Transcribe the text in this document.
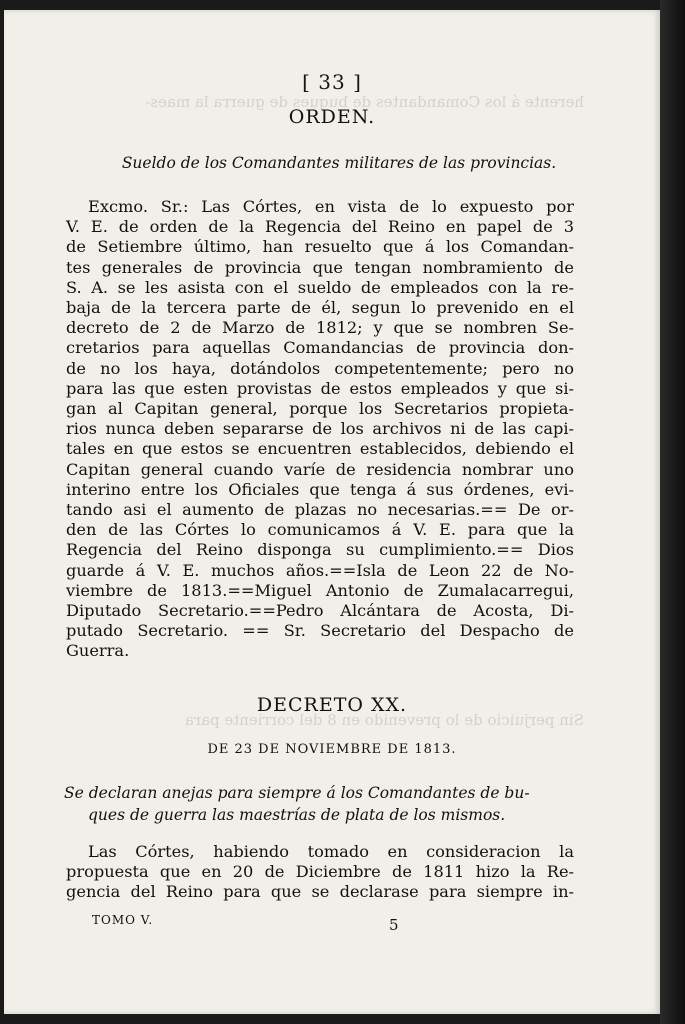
herente á los Comandantes de buques de guerra la maes-
Sin perjuicio de lo prevenido en 8 del corriente para
[ 33 ]
ORDEN.
Sueldo de los Comandantes militares de las provincias.
Excmo. Sr.: Las Córtes, en vista de lo expuesto por
V. E. de orden de la Regencia del Reino en papel de 3
de Setiembre último, han resuelto que á los Comandan-
tes generales de provincia que tengan nombramiento de
S. A. se les asista con el sueldo de empleados con la re-
baja de la tercera parte de él, segun lo prevenido en el
decreto de 2 de Marzo de 1812; y que se nombren Se-
cretarios para aquellas Comandancias de provincia don-
de no los haya, dotándolos competentemente; pero no
para las que esten provistas de estos empleados y que si-
gan al Capitan general, porque los Secretarios propieta-
rios nunca deben separarse de los archivos ni de las capi-
tales en que estos se encuentren establecidos, debiendo el
Capitan general cuando varíe de residencia nombrar uno
interino entre los Oficiales que tenga á sus órdenes, evi-
tando asi el aumento de plazas no necesarias.== De or-
den de las Córtes lo comunicamos á V. E. para que la
Regencia del Reino disponga su cumplimiento.== Dios
guarde á V. E. muchos años.==Isla de Leon 22 de No-
viembre de 1813.==Miguel Antonio de Zumalacarregui,
Diputado Secretario.==Pedro Alcántara de Acosta, Di-
putado Secretario. == Sr. Secretario del Despacho de
Guerra.
DECRETO XX.
DE 23 DE NOVIEMBRE DE 1813.
Se declaran anejas para siempre á los Comandantes de bu-
ques de guerra las maestrías de plata de los mismos.
Las Córtes, habiendo tomado en consideracion la
propuesta que en 20 de Diciembre de 1811 hizo la Re-
gencia del Reino para que se declarase para siempre in-
TOMO V.	5
